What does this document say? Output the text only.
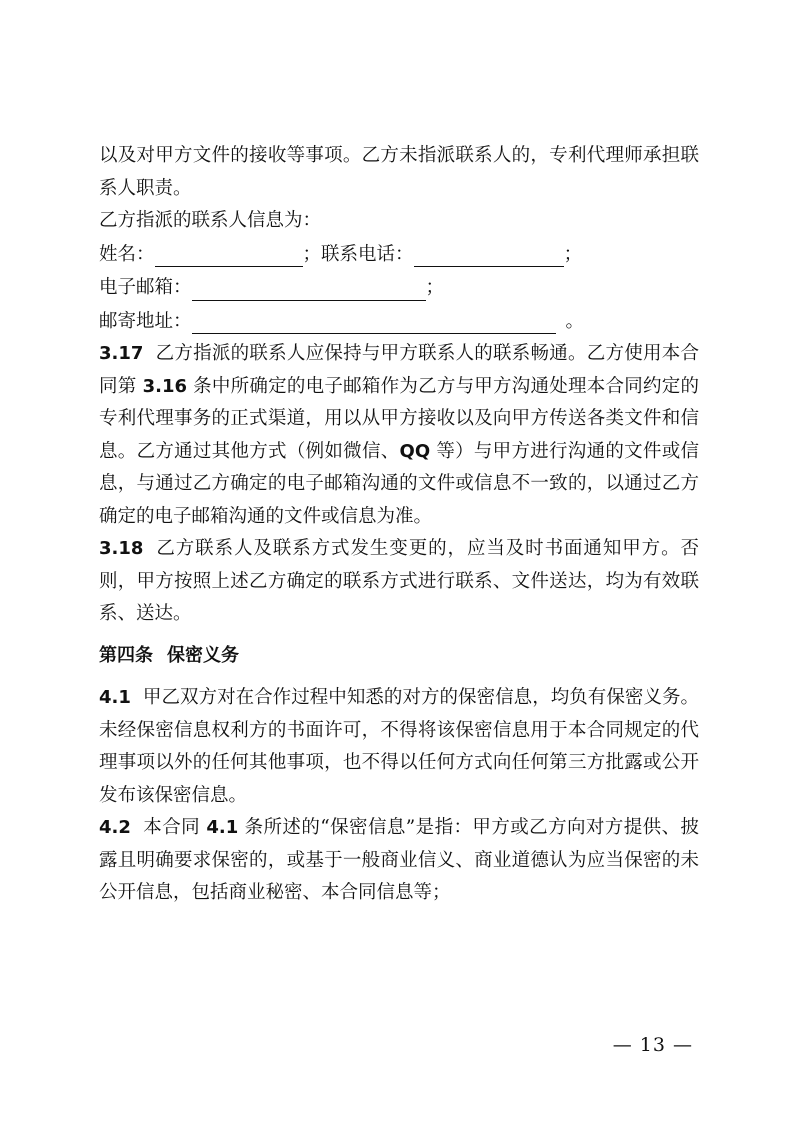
以及对甲方文件的接收等事项。乙方未指派联系人的，专利代理师承担联系人职责。

乙方指派的联系人信息为：

姓名：	；联系电话：	；

电子邮箱：	；

邮寄地址：	。

3.17 乙方指派的联系人应保持与甲方联系人的联系畅通。乙方使用本合同第 3.16 条中所确定的电子邮箱作为乙方与甲方沟通处理本合同约定的专利代理事务的正式渠道，用以从甲方接收以及向甲方传送各类文件和信息。乙方通过其他方式（例如微信、QQ 等）与甲方进行沟通的文件或信息，与通过乙方确定的电子邮箱沟通的文件或信息不一致的，以通过乙方确定的电子邮箱沟通的文件或信息为准。

3.18 乙方联系人及联系方式发生变更的，应当及时书面通知甲方。否则，甲方按照上述乙方确定的联系方式进行联系、文件送达，均为有效联系、送达。

第四条 保密义务

4.1 甲乙双方对在合作过程中知悉的对方的保密信息，均负有保密义务。未经保密信息权利方的书面许可，不得将该保密信息用于本合同规定的代理事项以外的任何其他事项，也不得以任何方式向任何第三方批露或公开发布该保密信息。

4.2 本合同 4.1 条所述的“保密信息”是指：甲方或乙方向对方提供、披露且明确要求保密的，或基于一般商业信义、商业道德认为应当保密的未公开信息，包括商业秘密、本合同信息等；

— 13 —
